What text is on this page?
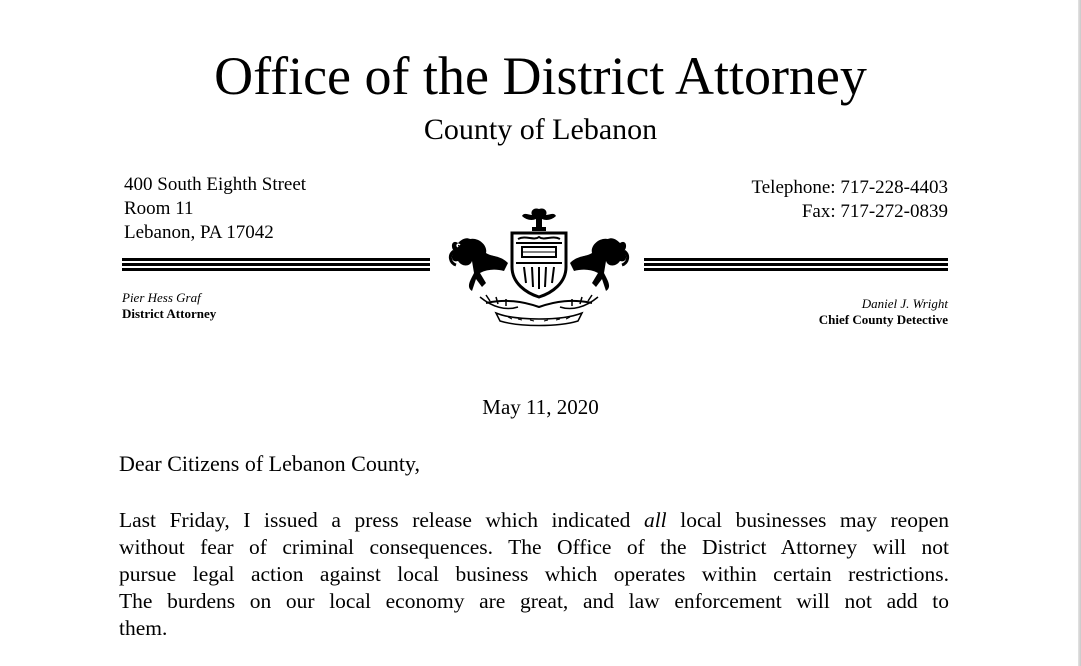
Office of the District Attorney
County of Lebanon
400 South Eighth Street
Room 11
Lebanon, PA 17042
Telephone: 717-228-4403
Fax: 717-272-0839
Pier Hess Graf
District Attorney
Daniel J. Wright
Chief County Detective
May 11, 2020
Dear Citizens of Lebanon County,
Last Friday, I issued a press release which indicated all local businesses may reopen
without fear of criminal consequences. The Office of the District Attorney will not
pursue legal action against local business which operates within certain restrictions.
The burdens on our local economy are great, and law enforcement will not add to
them.
